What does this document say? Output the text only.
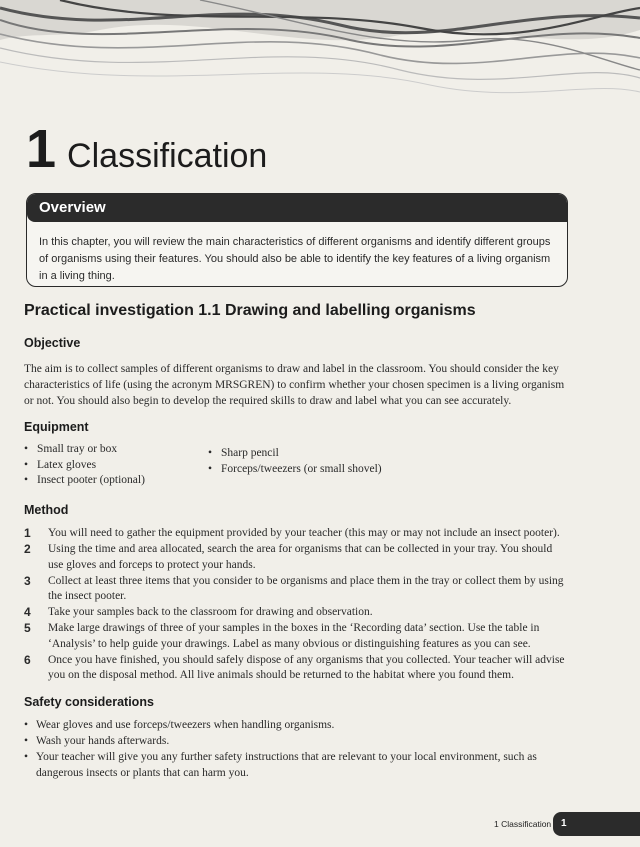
1 Classification
Overview

In this chapter, you will review the main characteristics of different organisms and identify different groups of organisms using their features. You should also be able to identify the key features of a living organism in a living thing.

Practical investigation 1.1 Drawing and labelling organisms
Objective

The aim is to collect samples of different organisms to draw and label in the classroom. You should consider the key characteristics of life (using the acronym MRSGREN) to confirm whether your chosen specimen is a living organism or not. You should also begin to develop the required skills to draw and label what you can see accurately.

Equipment
• Small tray or box
• Latex gloves
• Insect pooter (optional)
• Sharp pencil
• Forceps/tweezers (or small shovel)
Method
1	You will need to gather the equipment provided by your teacher (this may or may not include an insect pooter).
2	Using the time and area allocated, search the area for organisms that can be collected in your tray. You should use gloves and forceps to protect your hands.
3	Collect at least three items that you consider to be organisms and place them in the tray or collect them by using the insect pooter.
4	Take your samples back to the classroom for drawing and observation.
5	Make large drawings of three of your samples in the boxes in the ‘Recording data’ section. Use the table in ‘Analysis’ to help guide your drawings. Label as many obvious or distinguishing features as you can see.
6	Once you have finished, you should safely dispose of any organisms that you collected. Your teacher will advise you on the disposal method. All live animals should be returned to the habitat where you found them.
Safety considerations
• Wear gloves and use forceps/tweezers when handling organisms.
• Wash your hands afterwards.
• Your teacher will give you any further safety instructions that are relevant to your local environment, such as dangerous insects or plants that can harm you.
1 Classification 1
